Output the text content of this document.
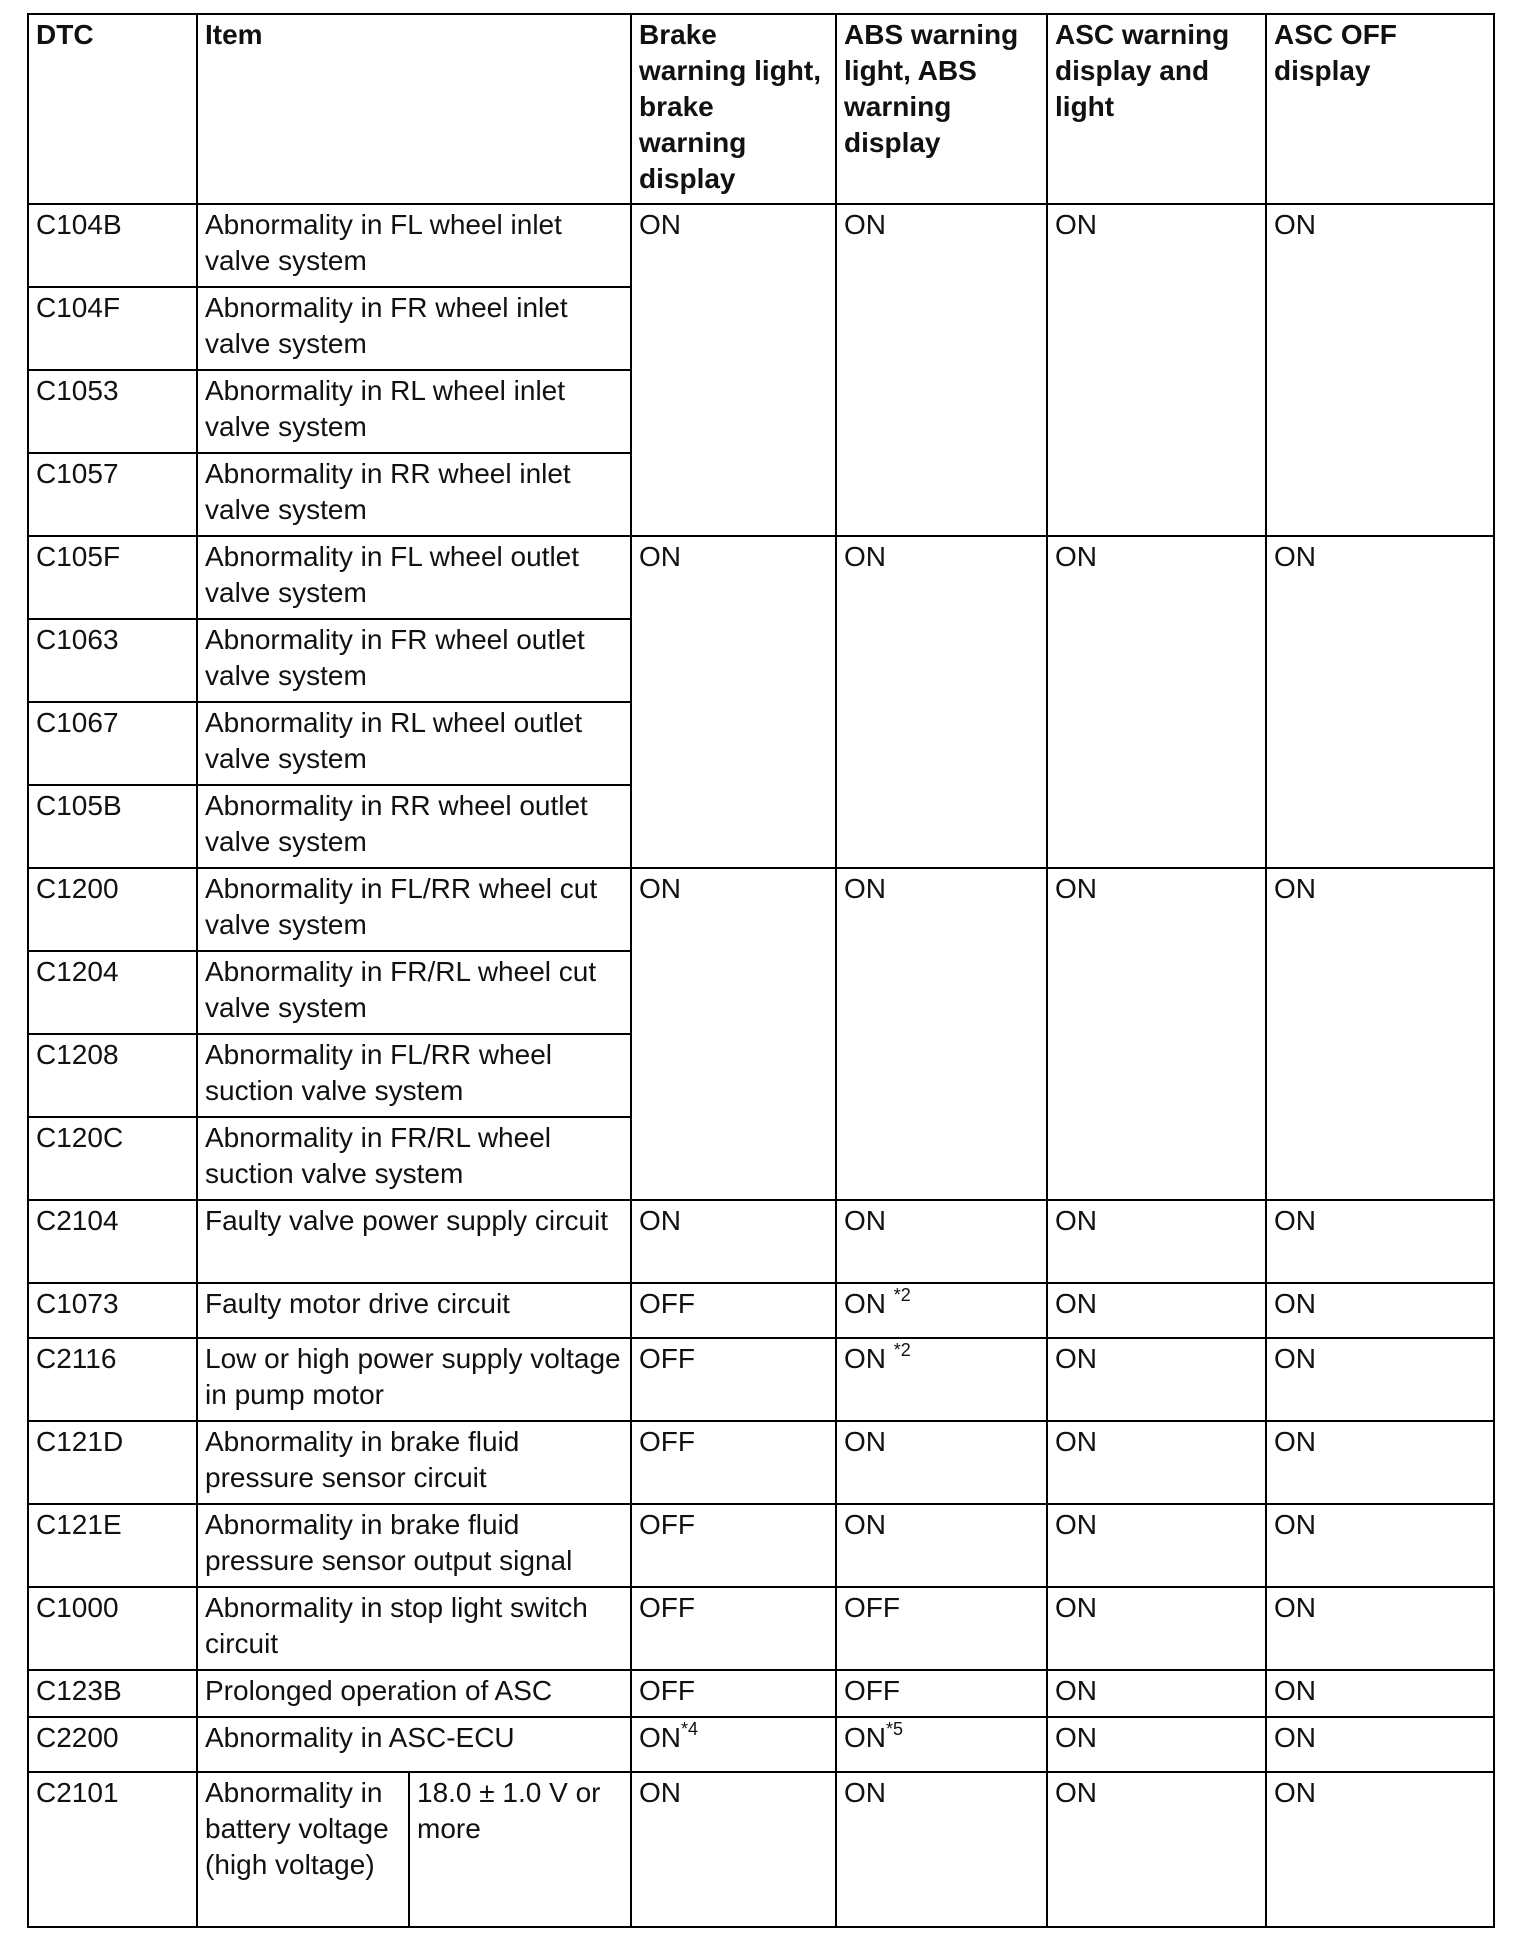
DTC	Item		Brake warning light, brake warning display	ABS warning light, ABS warning display	ASC warning display and light	ASC OFF display
C104B	Abnormality in FL wheel inlet valve system		ON	ON	ON	ON
C104F	Abnormality in FR wheel inlet valve system					
C1053	Abnormality in RL wheel inlet valve system					
C1057	Abnormality in RR wheel inlet valve system					
C105F	Abnormality in FL wheel outlet valve system		ON	ON	ON	ON
C1063	Abnormality in FR wheel outlet valve system					
C1067	Abnormality in RL wheel outlet valve system					
C105B	Abnormality in RR wheel outlet valve system					
C1200	Abnormality in FL/RR wheel cut valve system		ON	ON	ON	ON
C1204	Abnormality in FR/RL wheel cut valve system					
C1208	Abnormality in FL/RR wheel suction valve system					
C120C	Abnormality in FR/RL wheel suction valve system					
C2104	Faulty valve power supply circuit		ON	ON	ON	ON
C1073	Faulty motor drive circuit		OFF	ON $^{*2}$	ON	ON
C2116	Low or high power supply voltage in pump motor		OFF	ON $^{*2}$	ON	ON
C121D	Abnormality in brake fluid pressure sensor circuit		OFF	ON	ON	ON
C121E	Abnormality in brake fluid pressure sensor output signal		OFF	ON	ON	ON
C1000	Abnormality in stop light switch circuit		OFF	OFF	ON	ON
C123B	Prolonged operation of ASC		OFF	OFF	ON	ON
C2200	Abnormality in ASC-ECU		ON$^{*4}$	ON$^{*5}$	ON	ON
C2101	Abnormality in battery voltage (high voltage)	18.0 ± 1.0 V or more	ON	ON	ON	ON
